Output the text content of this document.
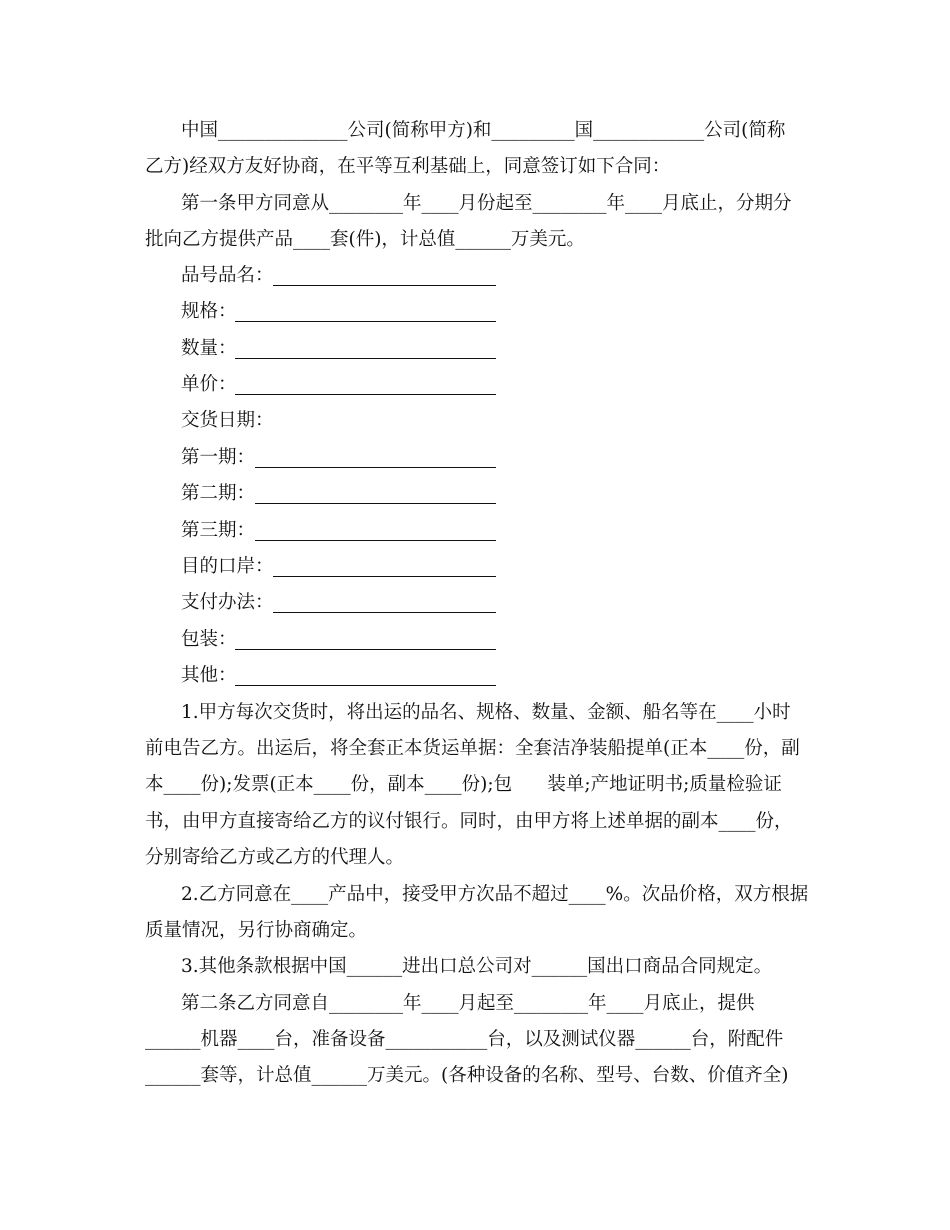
中国______________公司(简称甲方)和_________国____________公司(简称
乙方)经双方友好协商，在平等互利基础上，同意签订如下合同：
第一条甲方同意从________年____月份起至________年____月底止，分期分
批向乙方提供产品____套(件)，计总值______万美元。
品号品名：
规格：
数量：
单价：
交货日期：
第一期：
第二期：
第三期：
目的口岸：
支付办法：
包装：
其他：
1.甲方每次交货时，将出运的品名、规格、数量、金额、船名等在____小时
前电告乙方。出运后，将全套正本货运单据：全套洁净装船提单(正本____份，副
本____份);发票(正本____份，副本____份);包      装单;产地证明书;质量检验证
书，由甲方直接寄给乙方的议付银行。同时，由甲方将上述单据的副本____份，
分别寄给乙方或乙方的代理人。
2.乙方同意在____产品中，接受甲方次品不超过____%。次品价格，双方根据
质量情况，另行协商确定。
3.其他条款根据中国______进出口总公司对______国出口商品合同规定。
第二条乙方同意自________年____月起至________年____月底止，提供
______机器____台，准备设备___________台，以及测试仪器______台，附配件
______套等，计总值______万美元。(各种设备的名称、型号、台数、价值齐全)
